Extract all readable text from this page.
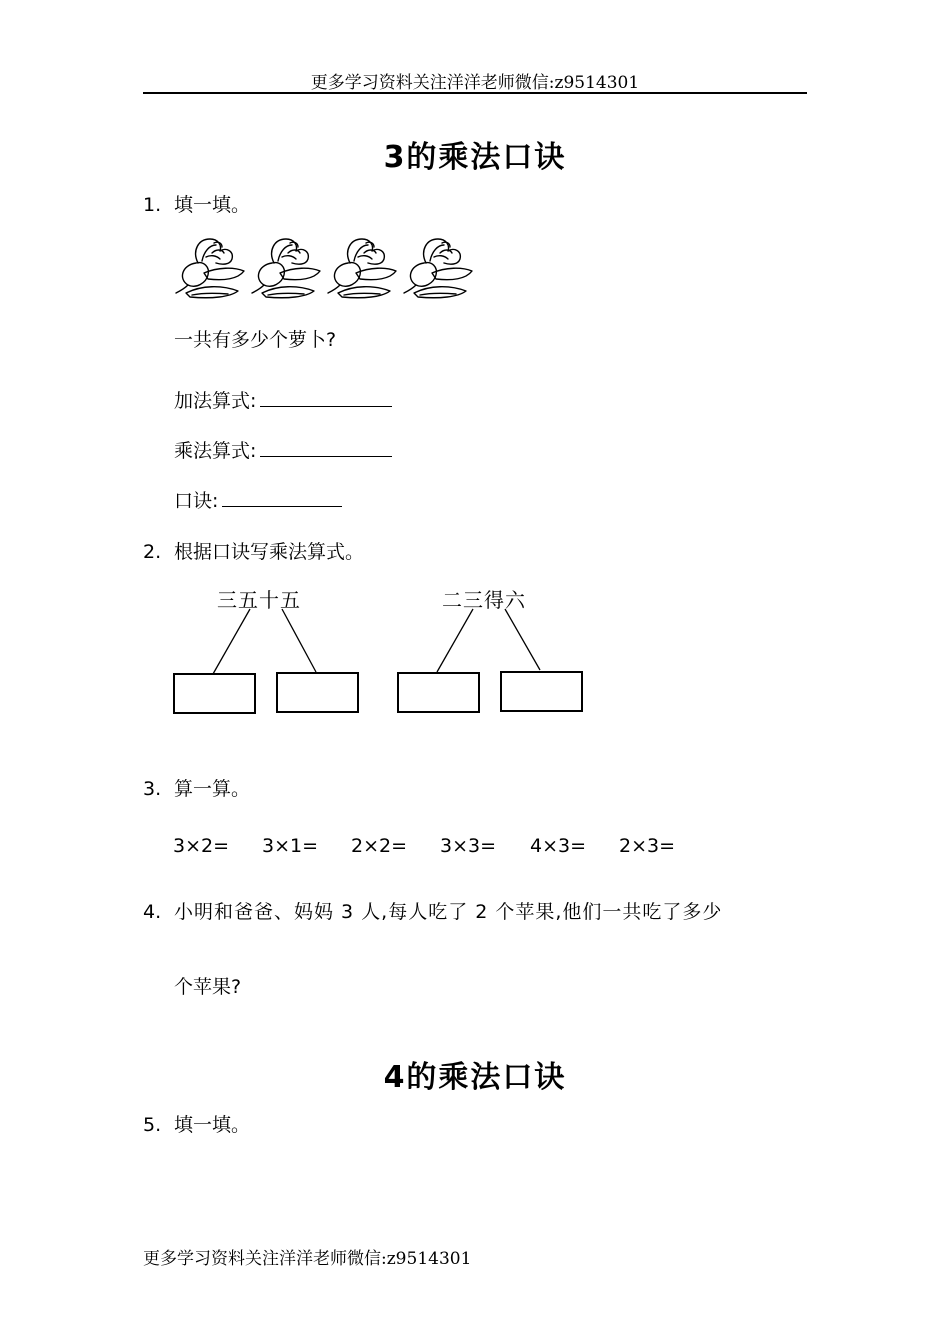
更多学习资料关注洋洋老师微信:z9514301
3的乘法口诀
1. 填一填。
一共有多少个萝卜?
加法算式:
乘法算式:
口诀:
2. 根据口诀写乘法算式。
三五十五	二三得六
3. 算一算。
3×2= 3×1= 2×2= 3×3= 4×3= 2×3=
4. 小明和爸爸、妈妈 3 人,每人吃了 2 个苹果,他们一共吃了多少
个苹果?
4的乘法口诀
5. 填一填。
更多学习资料关注洋洋老师微信:z9514301
